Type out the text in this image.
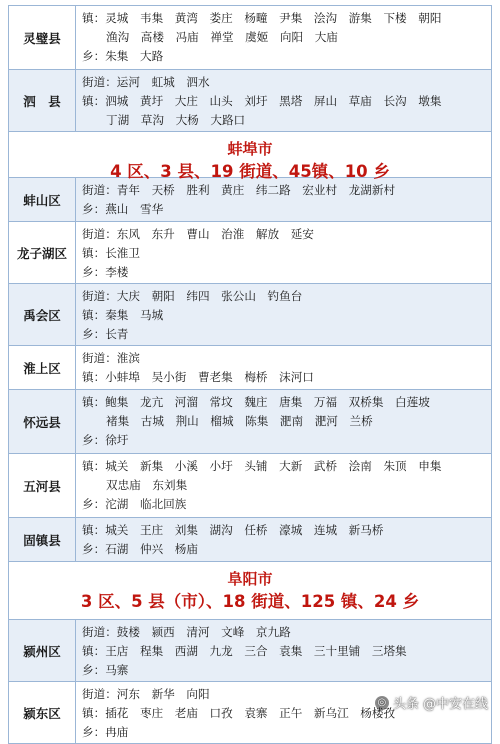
灵璧县
镇：灵城　韦集　黄湾　娄庄　杨疃　尹集　浍沟　游集　下楼　朝阳
渔沟　高楼　冯庙　禅堂　虞姬　向阳　大庙
乡：朱集　大路
泗　县
街道：运河　虹城　泗水
镇：泗城　黄圩　大庄　山头　刘圩　黑塔　屏山　草庙　长沟　墩集
丁湖　草沟　大杨　大路口
蚌埠市
4 区、3 县、19 街道、45镇、10 乡
蚌山区
街道：青年　天桥　胜利　黄庄　纬二路　宏业村　龙湖新村
乡：燕山　雪华
龙子湖区
街道：东风　东升　曹山　治淮　解放　延安
镇：长淮卫
乡：李楼
禹会区
街道：大庆　朝阳　纬四　张公山　钓鱼台
镇：秦集　马城
乡：长青
淮上区
街道：淮滨
镇：小蚌埠　吴小街　曹老集　梅桥　沫河口
怀远县
镇：鲍集　龙亢　河溜　常坟　魏庄　唐集　万福　双桥集　白莲坡
褚集　古城　荆山　榴城　陈集　淝南　淝河　兰桥
乡：徐圩
五河县
镇：城关　新集　小溪　小圩　头铺　大新　武桥　浍南　朱顶　申集
双忠庙　东刘集
乡：沱湖　临北回族
固镇县
镇：城关　王庄　刘集　湖沟　任桥　濠城　连城　新马桥
乡：石湖　仲兴　杨庙
阜阳市
3 区、5 县（市）、18 街道、125 镇、24 乡
颍州区
街道：鼓楼　颍西　清河　文峰　京九路
镇：王店　程集　西湖　九龙　三合　袁集　三十里铺　三塔集
乡：马寨
颍东区
街道：河东　新华　向阳
镇：插花　枣庄　老庙　口孜　袁寨　正午　新乌江　杨楼孜
乡：冉庙
◎ 头条 @中安在线
